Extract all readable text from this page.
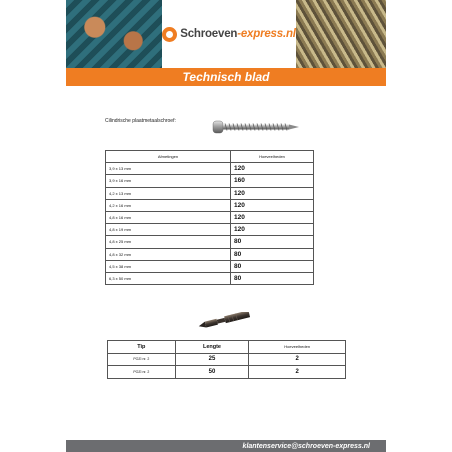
Schroeven-express.nl
Technisch blad
Cilindrische plaatmetaalschroef:
Afmetingen	Hoeveelheden
3,9 x 13 mm	120
3,9 x 16 mm	160
4,2 x 13 mm	120
4,2 x 16 mm	120
4,8 x 16 mm	120
4,8 x 19 mm	120
4,8 x 25 mm	80
4,8 x 32 mm	80
4,5 x 38 mm	80
6,3 x 50 mm	80
Tip	Lengte	Hoeveelheden
POZI nr. 2	25	2
POZI nr. 2	50	2
klantenservice@schroeven-express.nl
